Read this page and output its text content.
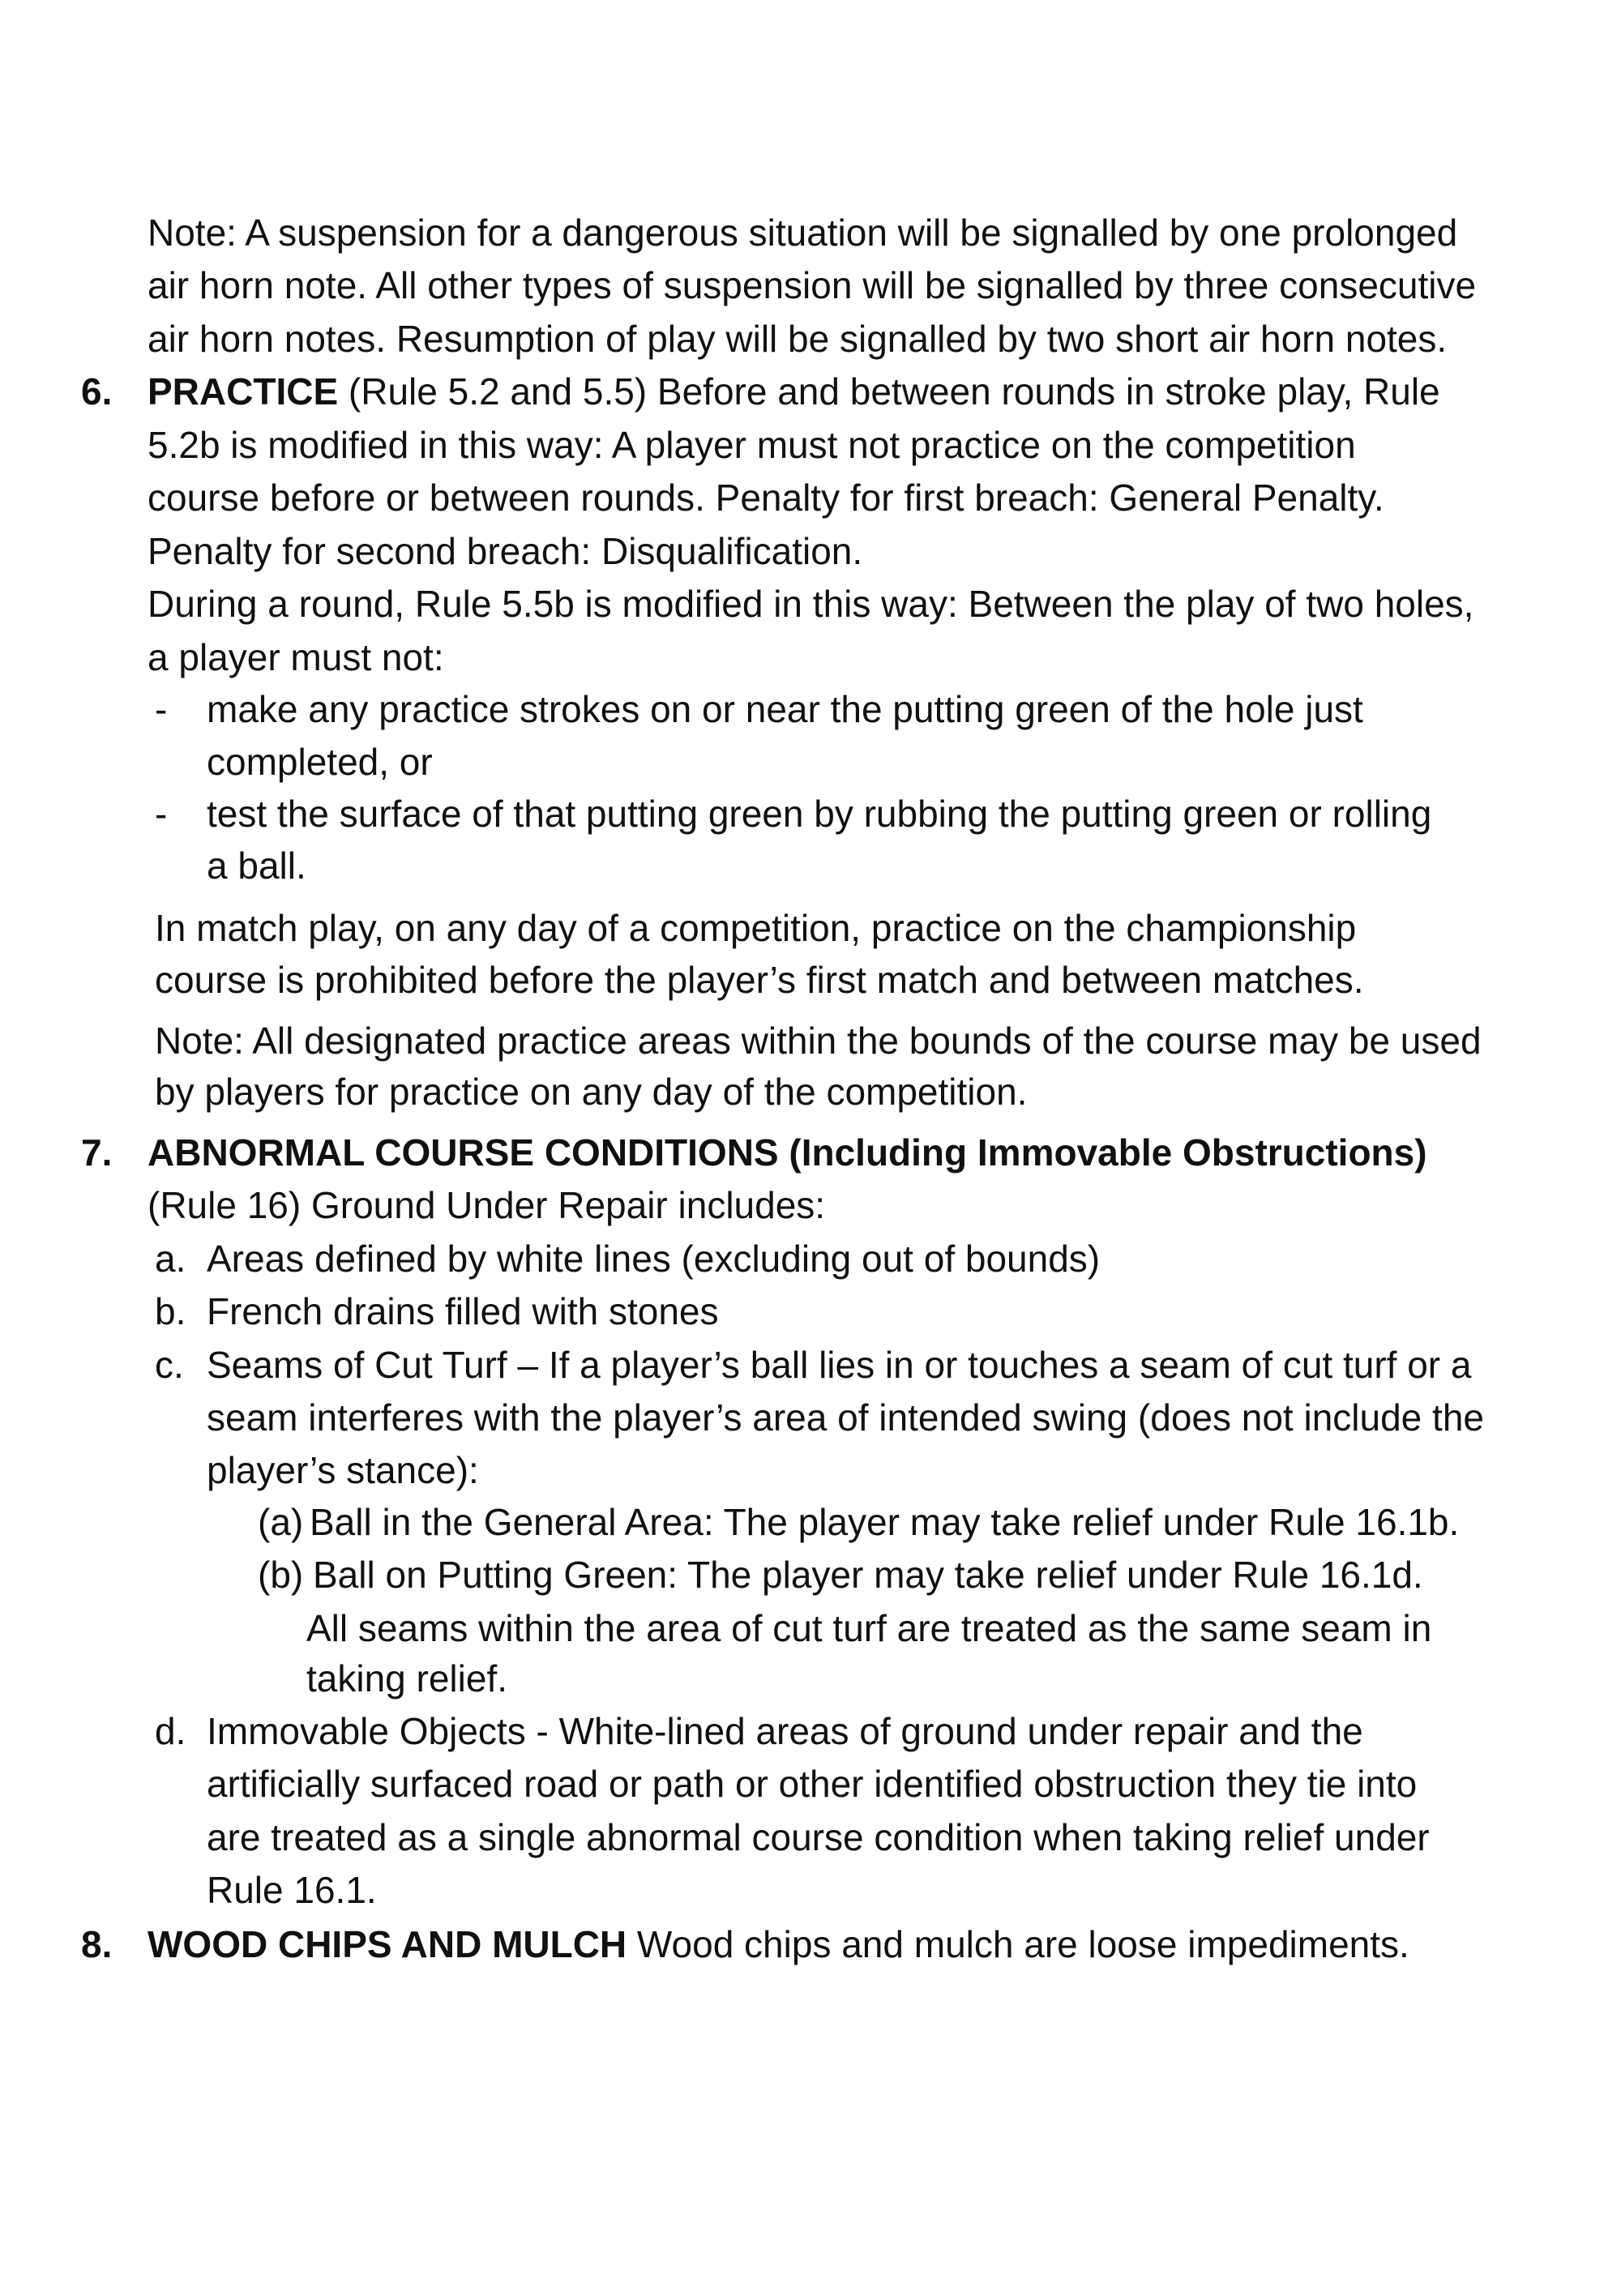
Note: A suspension for a dangerous situation will be signalled by one prolonged
air horn note. All other types of suspension will be signalled by three consecutive
air horn notes. Resumption of play will be signalled by two short air horn notes.
6. PRACTICE (Rule 5.2 and 5.5) Before and between rounds in stroke play, Rule
5.2b is modified in this way: A player must not practice on the competition
course before or between rounds. Penalty for first breach: General Penalty.
Penalty for second breach: Disqualification.
During a round, Rule 5.5b is modified in this way: Between the play of two holes,
a player must not:
- make any practice strokes on or near the putting green of the hole just
completed, or
- test the surface of that putting green by rubbing the putting green or rolling
a ball.
In match play, on any day of a competition, practice on the championship
course is prohibited before the player’s first match and between matches.
Note: All designated practice areas within the bounds of the course may be used
by players for practice on any day of the competition.
7. ABNORMAL COURSE CONDITIONS (Including Immovable Obstructions)
(Rule 16) Ground Under Repair includes:
a. Areas defined by white lines (excluding out of bounds)
b. French drains filled with stones
c. Seams of Cut Turf – If a player’s ball lies in or touches a seam of cut turf or a
seam interferes with the player’s area of intended swing (does not include the
player’s stance):
(a) Ball in the General Area: The player may take relief under Rule 16.1b.
(b) Ball on Putting Green: The player may take relief under Rule 16.1d.
All seams within the area of cut turf are treated as the same seam in
taking relief.
d. Immovable Objects - White-lined areas of ground under repair and the
artificially surfaced road or path or other identified obstruction they tie into
are treated as a single abnormal course condition when taking relief under
Rule 16.1.
8. WOOD CHIPS AND MULCH Wood chips and mulch are loose impediments.
